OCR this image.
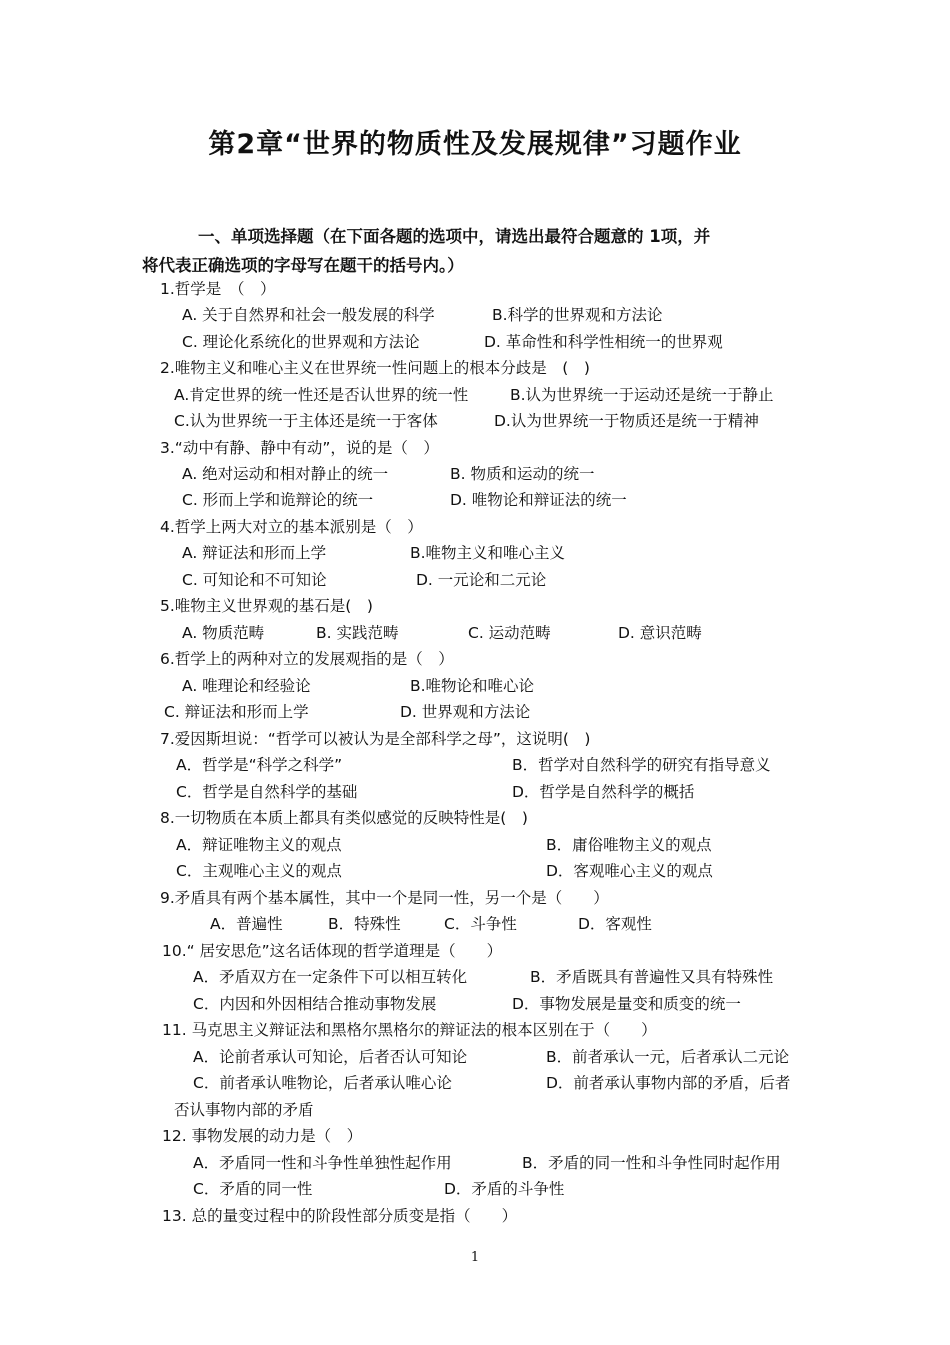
第2章“世界的物质性及发展规律”习题作业
一、单项选择题（在下面各题的选项中，请选出最符合题意的 1项，并
将代表正确选项的字母写在题干的括号内。）
1.哲学是　（　）
A. 关于自然界和社会一般发展的科学	B.科学的世界观和方法论
C. 理论化系统化的世界观和方法论	D. 革命性和科学性相统一的世界观
2.唯物主义和唯心主义在世界统一性问题上的根本分歧是　(　)
A.肯定世界的统一性还是否认世界的统一性	B.认为世界统一于运动还是统一于静止
C.认为世界统一于主体还是统一于客体	D.认为世界统一于物质还是统一于精神
3.“动中有静、静中有动”，说的是（　）
A. 绝对运动和相对静止的统一	B. 物质和运动的统一
C. 形而上学和诡辩论的统一	D. 唯物论和辩证法的统一
4.哲学上两大对立的基本派别是（　）
A. 辩证法和形而上学	B.唯物主义和唯心主义
C. 可知论和不可知论	D. 一元论和二元论
5.唯物主义世界观的基石是(　)
A. 物质范畴	B. 实践范畴	C. 运动范畴	D. 意识范畴
6.哲学上的两种对立的发展观指的是（　）
A. 唯理论和经验论	B.唯物论和唯心论
C. 辩证法和形而上学	D. 世界观和方法论
7.爱因斯坦说：“哲学可以被认为是全部科学之母”，这说明(　)
A．哲学是“科学之科学”	B．哲学对自然科学的研究有指导意义
C．哲学是自然科学的基础	D．哲学是自然科学的概括
8.一切物质在本质上都具有类似感觉的反映特性是(　)
A．辩证唯物主义的观点	B．庸俗唯物主义的观点
C．主观唯心主义的观点	D．客观唯心主义的观点
9.矛盾具有两个基本属性，其中一个是同一性，另一个是（　　）
A．普遍性	B．特殊性	C．斗争性	D．客观性
10.“ 居安思危”这名话体现的哲学道理是（　　）
A．矛盾双方在一定条件下可以相互转化	B．矛盾既具有普遍性又具有特殊性
C．内因和外因相结合推动事物发展	D．事物发展是量变和质变的统一
11. 马克思主义辩证法和黑格尔黑格尔的辩证法的根本区别在于（　　）
A．论前者承认可知论，后者否认可知论	B．前者承认一元，后者承认二元论
C．前者承认唯物论，后者承认唯心论	D．前者承认事物内部的矛盾，后者
否认事物内部的矛盾
12. 事物发展的动力是（　）
A．矛盾同一性和斗争性单独性起作用	B．矛盾的同一性和斗争性同时起作用
C．矛盾的同一性	D．矛盾的斗争性
13. 总的量变过程中的阶段性部分质变是指（　　）
1
